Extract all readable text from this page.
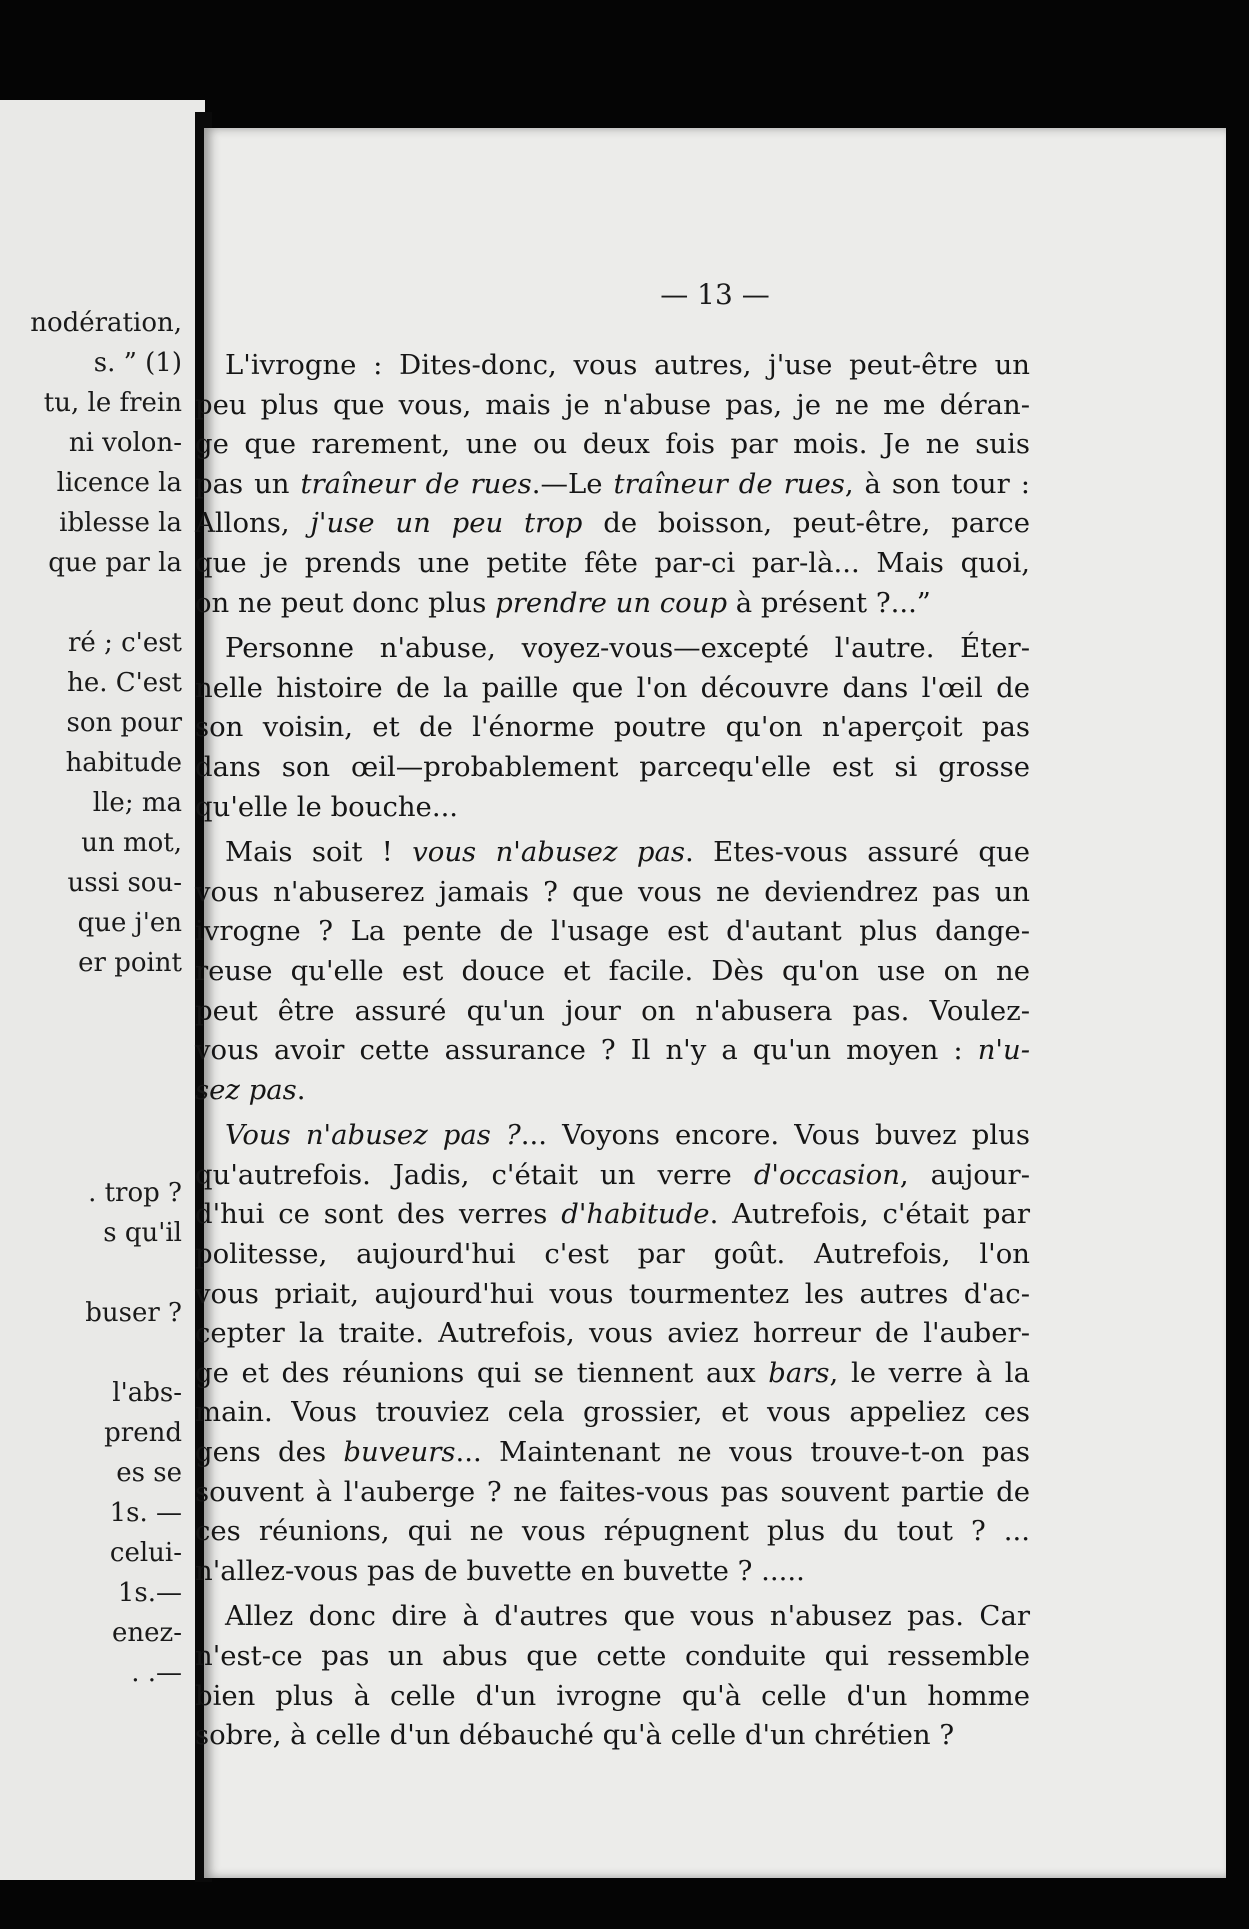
nodération,
s. ” (1)
tu, le frein
ni volon-
licence la
iblesse la
que par la
ré ; c'est
he. C'est
son pour
habitude
lle; ma
un mot,
ussi sou-
que j'en
er point
. trop ?
s qu'il
buser ?
l'abs-
prend
es se
1s. —
celui-
1s.—
enez-
. .—
— 13 —

L'ivrogne : Dites-donc, vous autres, j'use peut-être un
peu plus que vous, mais je n'abuse pas, je ne me déran-
ge que rarement, une ou deux fois par mois. Je ne suis
pas un traîneur de rues.—Le traîneur de rues, à son tour :
Allons, j'use un peu trop de boisson, peut-être, parce
que je prends une petite fête par-ci par-là... Mais quoi,
on ne peut donc plus prendre un coup à présent ?...”

Personne n'abuse, voyez-vous—excepté l'autre. Éter-
nelle histoire de la paille que l'on découvre dans l'œil de
son voisin, et de l'énorme poutre qu'on n'aperçoit pas
dans son œil—probablement parcequ'elle est si grosse
qu'elle le bouche...

Mais soit ! vous n'abusez pas. Etes-vous assuré que
vous n'abuserez jamais ? que vous ne deviendrez pas un
ivrogne ? La pente de l'usage est d'autant plus dange-
reuse qu'elle est douce et facile. Dès qu'on use on ne
peut être assuré qu'un jour on n'abusera pas. Voulez-
vous avoir cette assurance ? Il n'y a qu'un moyen : n'u-
sez pas.

Vous n'abusez pas ?... Voyons encore. Vous buvez plus
qu'autrefois. Jadis, c'était un verre d'occasion, aujour-
d'hui ce sont des verres d'habitude. Autrefois, c'était par
politesse, aujourd'hui c'est par goût. Autrefois, l'on
vous priait, aujourd'hui vous tourmentez les autres d'ac-
cepter la traite. Autrefois, vous aviez horreur de l'auber-
ge et des réunions qui se tiennent aux bars, le verre à la
main. Vous trouviez cela grossier, et vous appeliez ces
gens des buveurs... Maintenant ne vous trouve-t-on pas
souvent à l'auberge ? ne faites-vous pas souvent partie de
ces réunions, qui ne vous répugnent plus du tout ? ...
n'allez-vous pas de buvette en buvette ? .....

Allez donc dire à d'autres que vous n'abusez pas. Car
n'est-ce pas un abus que cette conduite qui ressemble
bien plus à celle d'un ivrogne qu'à celle d'un homme
sobre, à celle d'un débauché qu'à celle d'un chrétien ?
